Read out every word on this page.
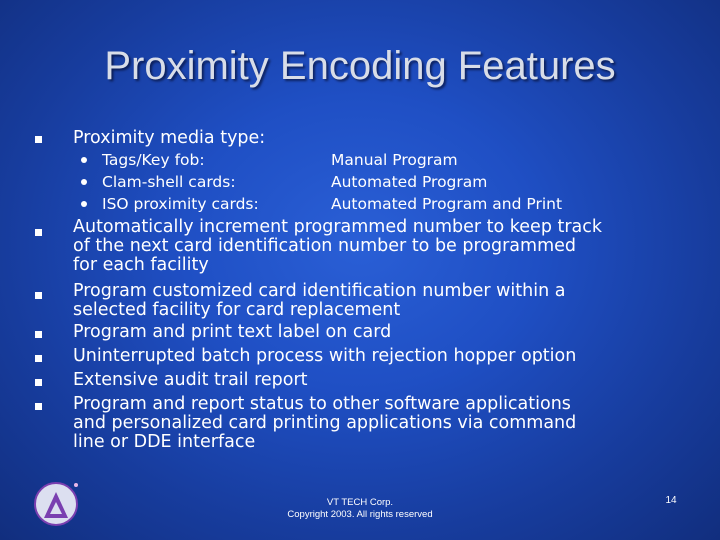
Proximity Encoding Features
Proximity media type:
Tags/Key fob:	Manual Program
Clam-shell cards:	Automated Program
ISO proximity cards:	Automated Program and Print
Automatically increment programmed number to keep track
of the next card identification number to be programmed
for each facility
Program customized card identification number within a
selected facility for card replacement
Program and print text label on card
Uninterrupted batch process with rejection hopper option
Extensive audit trail report
Program and report status to other software applications
and personalized card printing applications via command
line or DDE interface
VT TECH Corp.
Copyright 2003. All rights reserved
14
